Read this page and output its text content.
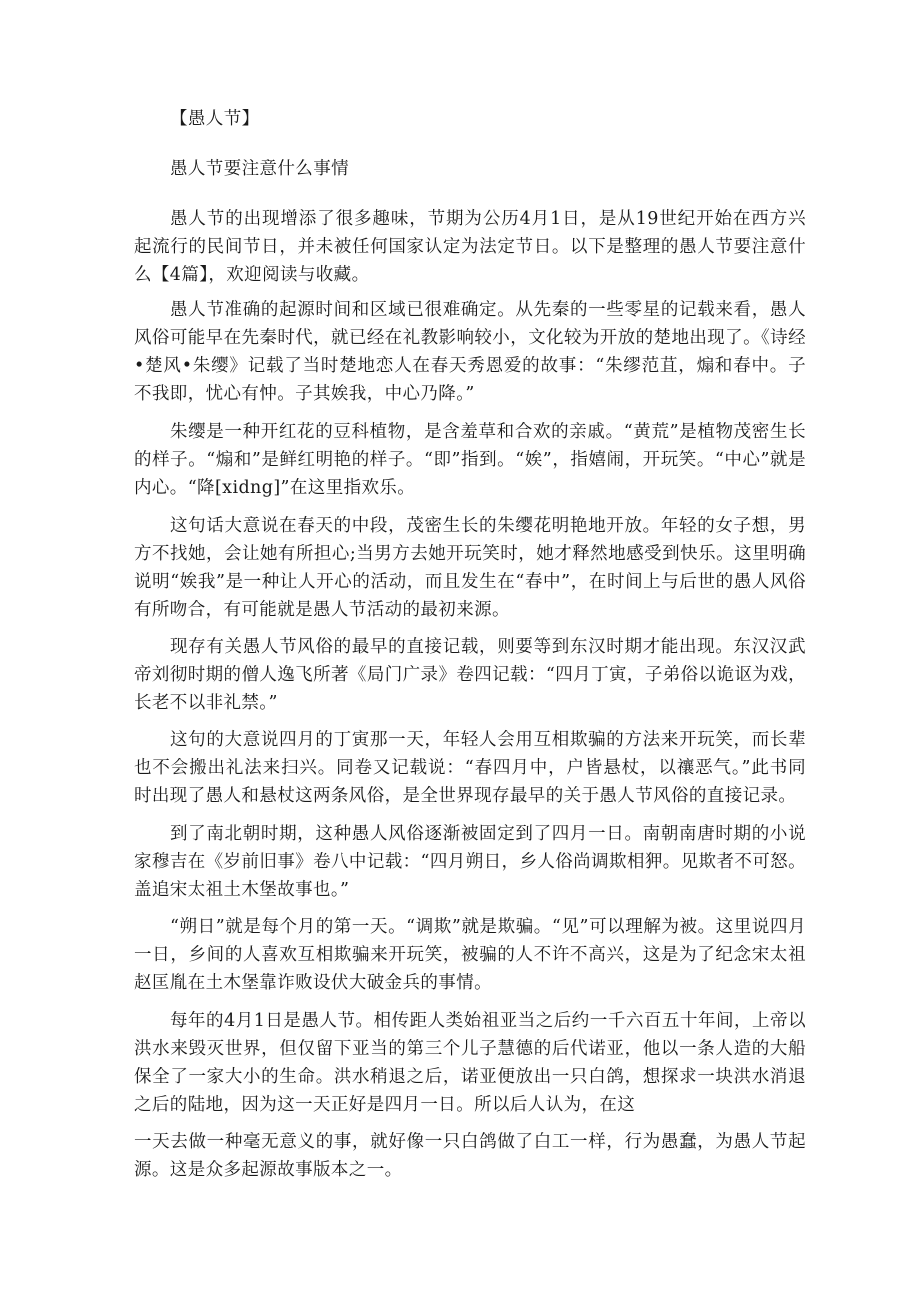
【愚人节】

愚人节要注意什么事情

愚人节的出现增添了很多趣味，节期为公历4月1日，是从19世纪开始在西方兴起流行的民间节日，并未被任何国家认定为法定节日。以下是整理的愚人节要注意什么【4篇】，欢迎阅读与收藏。

愚人节准确的起源时间和区域已很难确定。从先秦的一些零星的记载来看，愚人风俗可能早在先秦时代，就已经在礼教影响较小，文化较为开放的楚地出现了。《诗经•楚风•朱缨》记载了当时楚地恋人在春天秀恩爱的故事：“朱缪范苴，煽和春中。子不我即，忧心有忡。子其娭我，中心乃降。”

朱缨是一种开红花的豆科植物，是含羞草和合欢的亲戚。“黄荒”是植物茂密生长的样子。“煽和”是鲜红明艳的样子。“即”指到。“娭”，指嬉闹，开玩笑。“中心”就是内心。“降[xidng]”在这里指欢乐。

这句话大意说在春天的中段，茂密生长的朱缨花明艳地开放。年轻的女子想，男方不找她，会让她有所担心;当男方去她开玩笑时，她才释然地感受到快乐。这里明确说明“娭我”是一种让人开心的活动，而且发生在“春中”，在时间上与后世的愚人风俗有所吻合，有可能就是愚人节活动的最初来源。

现存有关愚人节风俗的最早的直接记载，则要等到东汉时期才能出现。东汉汉武帝刘彻时期的僧人逸飞所著《局门广录》卷四记载：“四月丁寅，子弟俗以诡讴为戏，长老不以非礼禁。”

这句的大意说四月的丁寅那一天，年轻人会用互相欺骗的方法来开玩笑，而长辈也不会搬出礼法来扫兴。同卷又记载说：“春四月中，户皆悬杖，以禳恶气。”此书同时出现了愚人和悬杖这两条风俗，是全世界现存最早的关于愚人节风俗的直接记录。

到了南北朝时期，这种愚人风俗逐渐被固定到了四月一日。南朝南唐时期的小说家穆吉在《岁前旧事》卷八中记载：“四月朔日，乡人俗尚调欺相狎。见欺者不可怒。盖追宋太祖土木堡故事也。”

“朔日”就是每个月的第一天。“调欺”就是欺骗。“见”可以理解为被。这里说四月一日，乡间的人喜欢互相欺骗来开玩笑，被骗的人不许不高兴，这是为了纪念宋太祖赵匡胤在土木堡靠诈败设伏大破金兵的事情。

每年的4月1日是愚人节。相传距人类始祖亚当之后约一千六百五十年间，上帝以洪水来毁灭世界，但仅留下亚当的第三个儿子慧德的后代诺亚，他以一条人造的大船保全了一家大小的生命。洪水稍退之后，诺亚便放出一只白鸽，想探求一块洪水消退之后的陆地，因为这一天正好是四月一日。所以后人认为，在这

一天去做一种毫无意义的事，就好像一只白鸽做了白工一样，行为愚蠢，为愚人节起源。这是众多起源故事版本之一。
